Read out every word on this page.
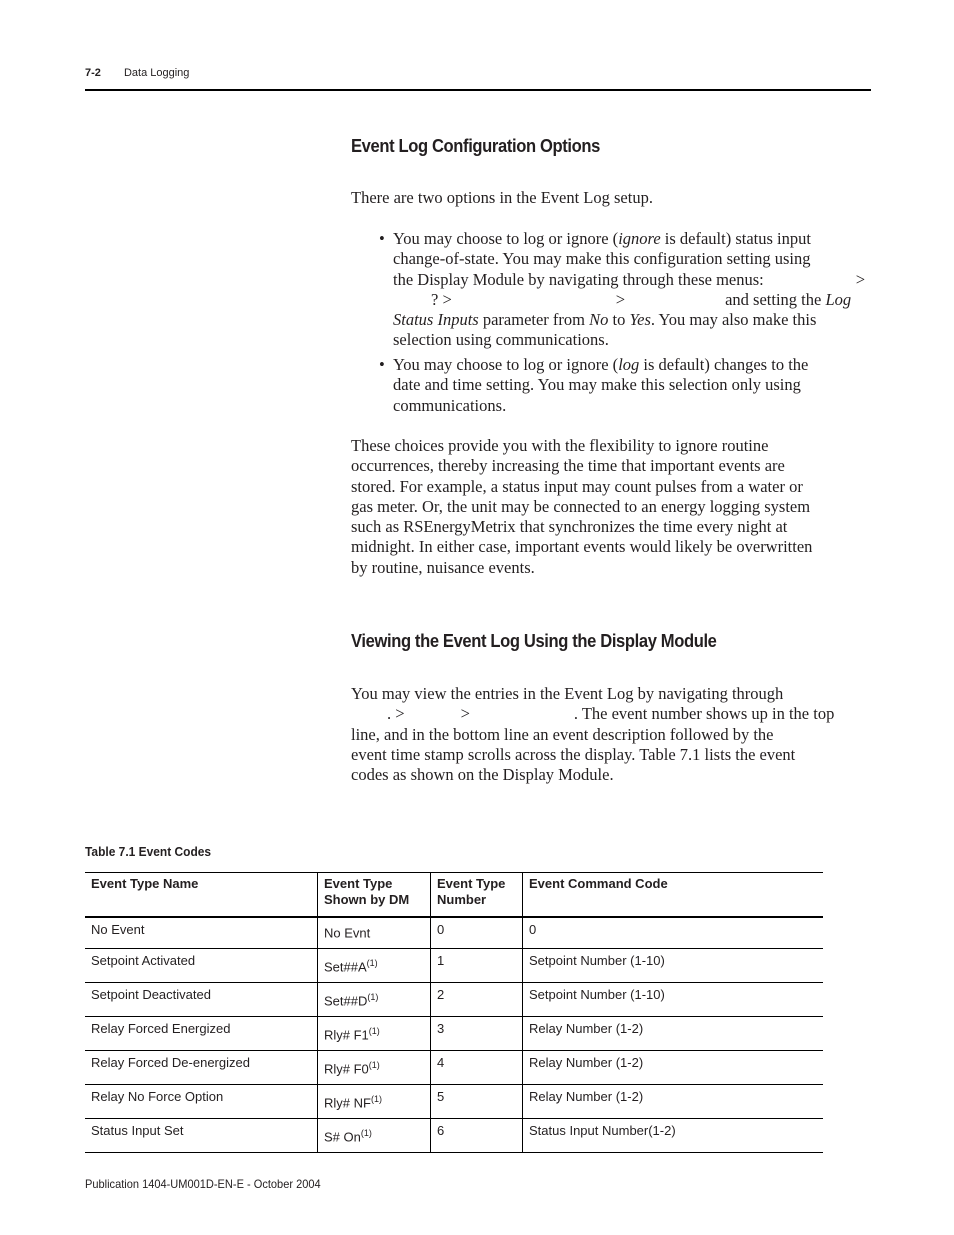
7-2 Data Logging
Event Log Configuration Options
There are two options in the Event Log setup.
• You may choose to log or ignore (ignore is default) status input
change-of-state. You may make this configuration setting using
the Display Module by navigating through these menus:	>

? >	>	and setting the Log
Status Inputs parameter from No to Yes. You may also make this
selection using communications.
• You may choose to log or ignore (log is default) changes to the
date and time setting. You may make this selection only using
communications.
These choices provide you with the flexibility to ignore routine
occurrences, thereby increasing the time that important events are
stored. For example, a status input may count pulses from a water or
gas meter. Or, the unit may be connected to an energy logging system
such as RSEnergyMetrix that synchronizes the time every night at
midnight. In either case, important events would likely be overwritten
by routine, nuisance events.
Viewing the Event Log Using the Display Module
You may view the entries in the Event Log by navigating through
. >	>	. The event number shows up in the top
line, and in the bottom line an event description followed by the
event time stamp scrolls across the display. Table 7.1 lists the event
codes as shown on the Display Module.
Table 7.1 Event Codes
Event Type Name	Event Type Shown by DM	Event Type Number	Event Command Code
No Event	No Evnt	0	0
Setpoint Activated	$Set\#\#A^{(1)}$	1	Setpoint Number (1-10)
Setpoint Deactivated	$Set\#\#D^{(1)}$	2	Setpoint Number (1-10)
Relay Forced Energized	Rly# F1$^{(1)}$	3	Relay Number (1-2)
Relay Forced De-energized	Rly# F0$^{(1)}$	4	Relay Number (1-2)
Relay No Force Option	Rly# NF$^{(1)}$	5	Relay Number (1-2)
Status Input Set	S# On$^{(1)}$	6	Status Input Number(1-2)
Publication 1404-UM001D-EN-E - October 2004
